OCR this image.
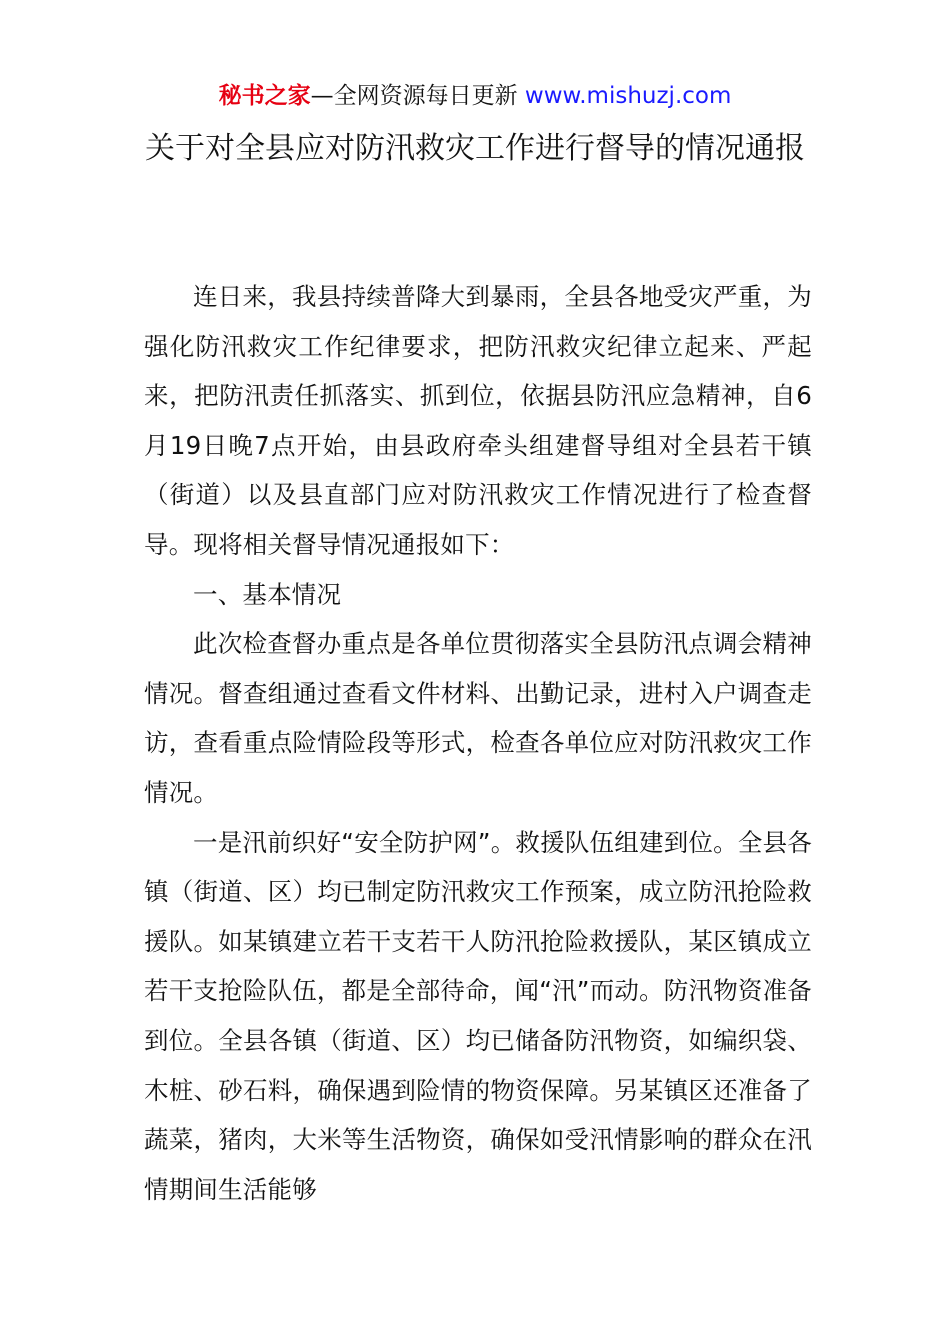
秘书之家—全网资源每日更新 www.mishuzj.com
关于对全县应对防汛救灾工作进行督导的情况通报

连日来，我县持续普降大到暴雨，全县各地受灾严重，为强化防汛救灾工作纪律要求，把防汛救灾纪律立起来、严起来，把防汛责任抓落实、抓到位，依据县防汛应急精神，自6月19日晚7点开始，由县政府牵头组建督导组对全县若干镇（街道）以及县直部门应对防汛救灾工作情况进行了检查督导。现将相关督导情况通报如下：

一、基本情况

此次检查督办重点是各单位贯彻落实全县防汛点调会精神情况。督查组通过查看文件材料、出勤记录，进村入户调查走访，查看重点险情险段等形式，检查各单位应对防汛救灾工作情况。

一是汛前织好“安全防护网”。救援队伍组建到位。全县各镇（街道、区）均已制定防汛救灾工作预案，成立防汛抢险救援队。如某镇建立若干支若干人防汛抢险救援队，某区镇成立若干支抢险队伍，都是全部待命，闻“汛”而动。防汛物资准备到位。全县各镇（街道、区）均已储备防汛物资，如编织袋、木桩、砂石料，确保遇到险情的物资保障。另某镇区还准备了蔬菜，猪肉，大米等生活物资，确保如受汛情影响的群众在汛情期间生活能够
